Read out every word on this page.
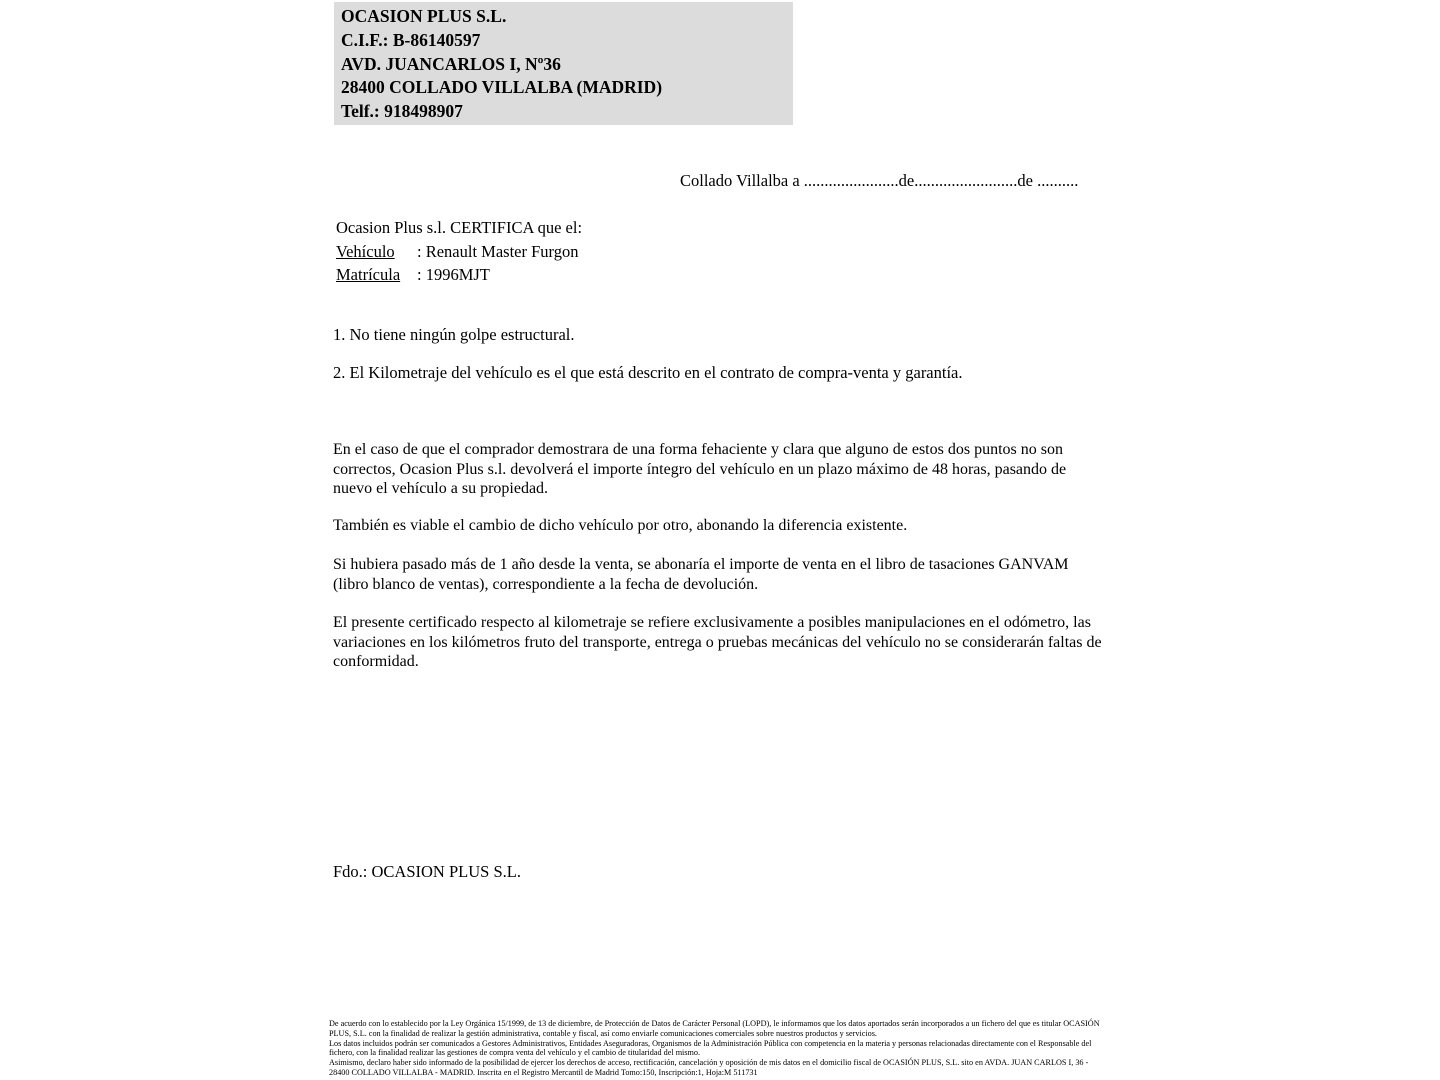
OCASION PLUS S.L.
C.I.F.: B-86140597
AVD. JUANCARLOS I, Nº36
28400 COLLADO VILLALBA (MADRID)
Telf.: 918498907
Collado Villalba a .......................de.........................de ..........
Ocasion Plus s.l. CERTIFICA que el:
Vehículo : Renault Master Furgon
Matrícula : 1996MJT
1. No tiene ningún golpe estructural.
2. El Kilometraje del vehículo es el que está descrito en el contrato de compra-venta y garantía.
En el caso de que el comprador demostrara de una forma fehaciente y clara que alguno de estos dos puntos no son correctos, Ocasion Plus s.l. devolverá el importe íntegro del vehículo en un plazo máximo de 48 horas, pasando de nuevo el vehículo a su propiedad.
También es viable el cambio de dicho vehículo por otro, abonando la diferencia existente.
Si hubiera pasado más de 1 año desde la venta, se abonaría el importe de venta en el libro de tasaciones GANVAM (libro blanco de ventas), correspondiente a la fecha de devolución.
El presente certificado respecto al kilometraje se refiere exclusivamente a posibles manipulaciones en el odómetro, las variaciones en los kilómetros fruto del transporte, entrega o pruebas mecánicas del vehículo no se considerarán faltas de conformidad.
Fdo.: OCASION PLUS S.L.

De acuerdo con lo establecido por la Ley Orgánica 15/1999, de 13 de diciembre, de Protección de Datos de Carácter Personal (LOPD), le informamos que los datos aportados serán incorporados a un fichero del que es titular OCASIÓN PLUS, S.L. con la finalidad de realizar la gestión administrativa, contable y fiscal, así como enviarle comunicaciones comerciales sobre nuestros productos y servicios.

Los datos incluidos podrán ser comunicados a Gestores Administrativos, Entidades Aseguradoras, Organismos de la Administración Pública con competencia en la materia y personas relacionadas directamente con el Responsable del fichero, con la finalidad realizar las gestiones de compra venta del vehículo y el cambio de titularidad del mismo.

Asimismo, declaro haber sido informado de la posibilidad de ejercer los derechos de acceso, rectificación, cancelación y oposición de mis datos en el domicilio fiscal de OCASIÓN PLUS, S.L. sito en AVDA. JUAN CARLOS I, 36 - 28400 COLLADO VILLALBA - MADRID. Inscrita en el Registro Mercantil de Madrid Tomo:150, Inscripción:1, Hoja:M 511731
